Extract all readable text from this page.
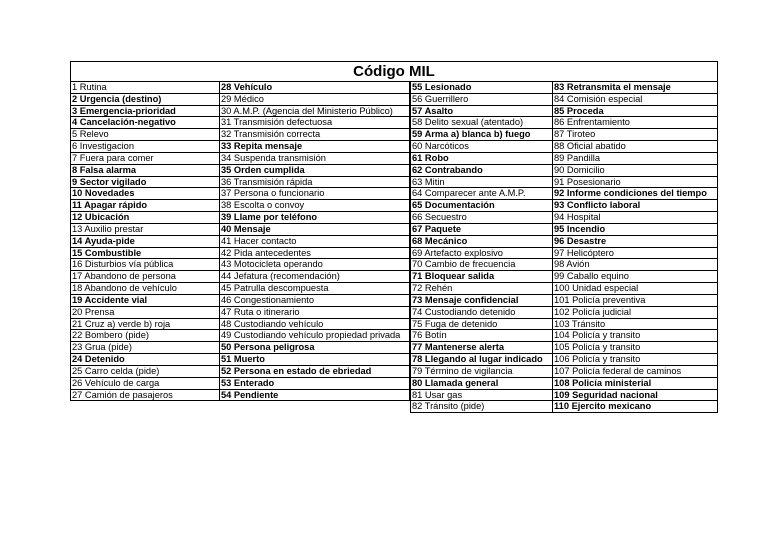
Código MIL
1 Rutina
2 Urgencia (destino)
3 Emergencia-prioridad
4 Cancelación-negativo
5 Relevo
6 Investigacion
7 Fuera para comer
8 Falsa alarma
9 Sector vigilado
10 Novedades
11 Apagar rápido
12 Ubicación
13 Auxilio prestar
14 Ayuda-pide
15 Combustible
16 Disturbios vía pública
17 Abandono de persona
18 Abandono de vehículo
19 Accidente vial
20 Prensa
21 Cruz a) verde b) roja
22 Bombero (pide)
23 Grua (pide)
24 Detenido
25 Carro celda (pide)
26 Vehículo de carga
27 Camión de pasajeros
28 Vehículo
29 Médico
30 A.M.P. (Agencia del Ministerio Público)
31 Transmisión defectuosa
32 Transmisión correcta
33 Repita mensaje
34 Suspenda transmisión
35 Orden cumplida
36 Transmisión rápida
37 Persona o funcionario
38 Escolta o convoy
39 Llame por teléfono
40 Mensaje
41 Hacer contacto
42 Pida antecedentes
43 Motocicleta operando
44 Jefatura (recomendación)
45 Patrulla descompuesta
46 Congestionamiento
47 Ruta o itinerario
48 Custodiando vehículo
49 Custodiando vehículo propiedad privada
50 Persona peligrosa
51 Muerto
52 Persona en estado de ebriedad
53 Enterado
54 Pendiente
55 Lesionado
56 Guerrillero
57 Asalto
58 Delito sexual (atentado)
59 Arma a) blanca b) fuego
60 Narcóticos
61 Robo
62 Contrabando
63 Mitin
64 Comparecer ante A.M.P.
65 Documentación
66 Secuestro
67 Paquete
68 Mecánico
69 Artefacto explosivo
70 Cambio de frecuencia
71 Bloquear salida
72 Rehén
73 Mensaje confidencial
74 Custodiando detenido
75 Fuga de detenido
76 Botín
77 Mantenerse alerta
78 Llegando al lugar indicado
79 Término de vigilancia
80 Llamada general
81 Usar gas
82 Tránsito (pide)
83 Retransmita el mensaje
84 Comisión especial
85 Proceda
86 Enfrentamiento
87 Tiroteo
88 Oficial abatido
89 Pandilla
90 Domicilio
91 Posesionario
92 Informe condiciones del tiempo
93 Conflicto laboral
94 Hospital
95 Incendio
96 Desastre
97 Helicóptero
98 Avión
99 Caballo equino
100 Unidad especial
101 Policía preventiva
102 Policía judicial
103 Tránsito
104 Policía y transito
105 Policía y transito
106 Policía y transito
107 Policía federal de caminos
108 Policía ministerial
109 Seguridad nacional
110 Ejercito mexicano
